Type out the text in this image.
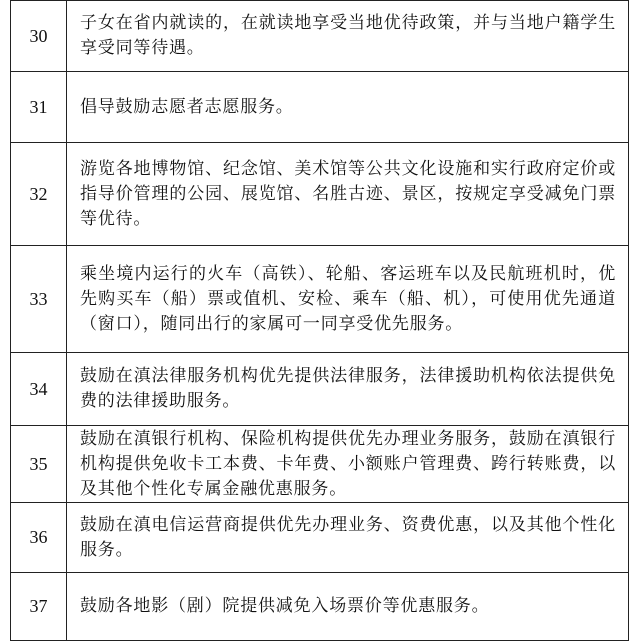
30	子女在省内就读的，在就读地享受当地优待政策，并与当地户籍学生享受同等待遇。
31	倡导鼓励志愿者志愿服务。
32	游览各地博物馆、纪念馆、美术馆等公共文化设施和实行政府定价或指导价管理的公园、展览馆、名胜古迹、景区，按规定享受减免门票等优待。
33	乘坐境内运行的火车（高铁）、轮船、客运班车以及民航班机时，优先购买车（船）票或值机、安检、乘车（船、机），可使用优先通道（窗口），随同出行的家属可一同享受优先服务。
34	鼓励在滇法律服务机构优先提供法律服务，法律援助机构依法提供免费的法律援助服务。
35	鼓励在滇银行机构、保险机构提供优先办理业务服务，鼓励在滇银行机构提供免收卡工本费、卡年费、小额账户管理费、跨行转账费，以及其他个性化专属金融优惠服务。
36	鼓励在滇电信运营商提供优先办理业务、资费优惠，以及其他个性化服务。
37	鼓励各地影（剧）院提供减免入场票价等优惠服务。
